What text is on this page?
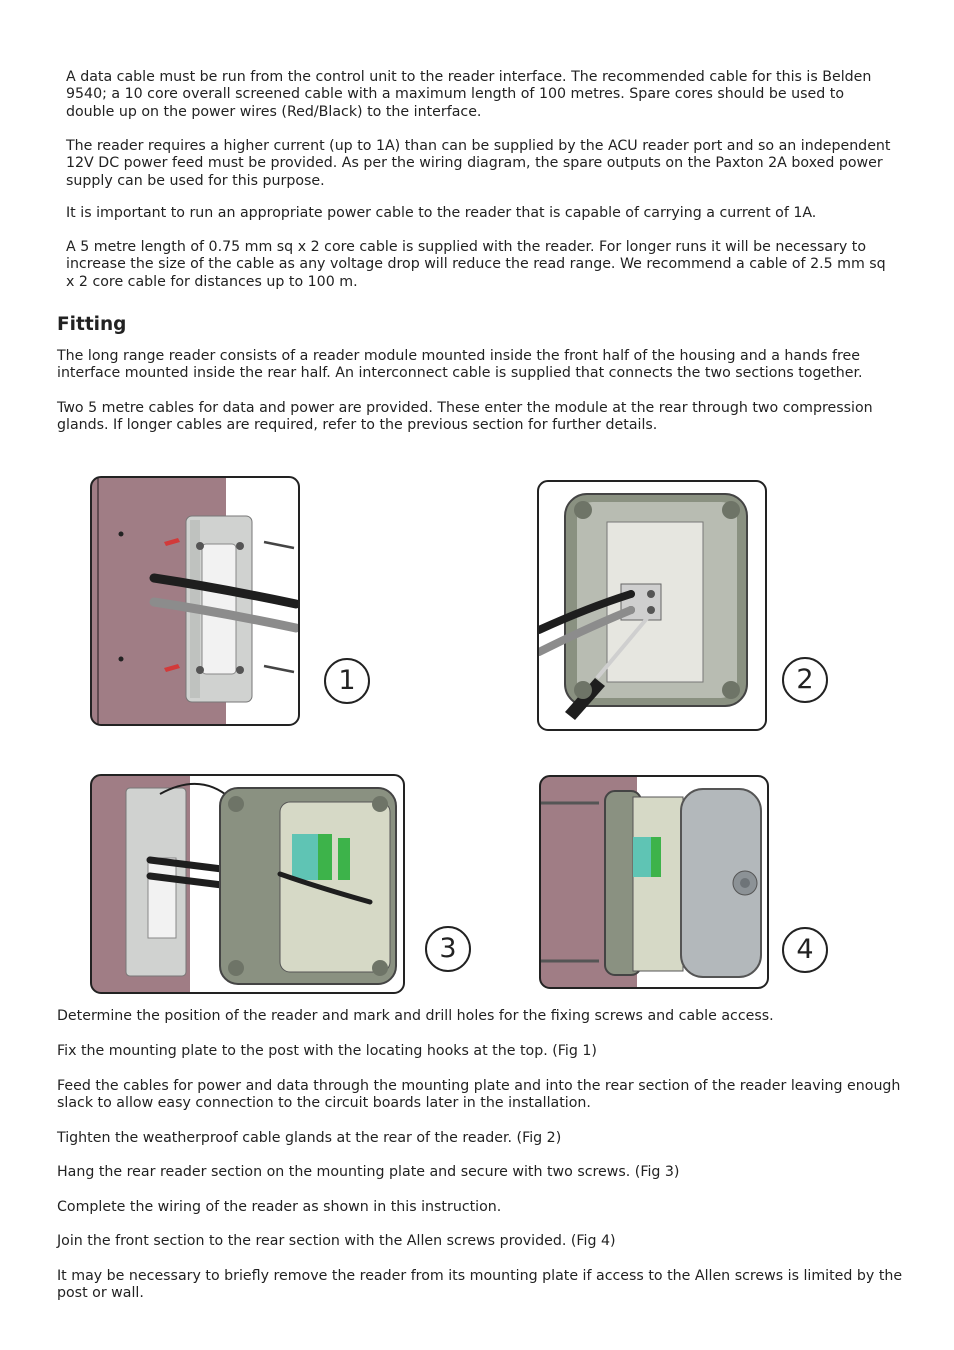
A data cable must be run from the control unit to the reader interface. The recommended cable for this is Belden 9540; a 10 core overall screened cable with a maximum length of 100 metres. Spare cores should be used to double up on the power wires (Red/Black) to the interface.

The reader requires a higher current (up to 1A) than can be supplied by the ACU reader port and so an independent 12V DC power feed must be provided. As per the wiring diagram, the spare outputs on the Paxton 2A boxed power supply can be used for this purpose.

It is important to run an appropriate power cable to the reader that is capable of carrying a current of 1A.

A 5 metre length of 0.75 mm sq x 2 core cable is supplied with the reader. For longer runs it will be necessary to increase the size of the cable as any voltage drop will reduce the read range. We recommend a cable of 2.5 mm sq x 2 core cable for distances up to 100 m.

Fitting

The long range reader consists of a reader module mounted inside the front half of the housing and a hands free interface mounted inside the rear half. An interconnect cable is supplied that connects the two sections together.

Two 5 metre cables for data and power are provided. These enter the module at the rear through two compression glands. If longer cables are required, refer to the previous section for further details.

1	2
3	4

Determine the position of the reader and mark and drill holes for the fixing screws and cable access.

Fix the mounting plate to the post with the locating hooks at the top. (Fig 1)

Feed the cables for power and data through the mounting plate and into the rear section of the reader leaving enough slack to allow easy connection to the circuit boards later in the installation.

Tighten the weatherproof cable glands at the rear of the reader. (Fig 2)

Hang the rear reader section on the mounting plate and secure with two screws. (Fig 3)

Complete the wiring of the reader as shown in this instruction.

Join the front section to the rear section with the Allen screws provided. (Fig 4)

It may be necessary to briefly remove the reader from its mounting plate if access to the Allen screws is limited by the post or wall.
